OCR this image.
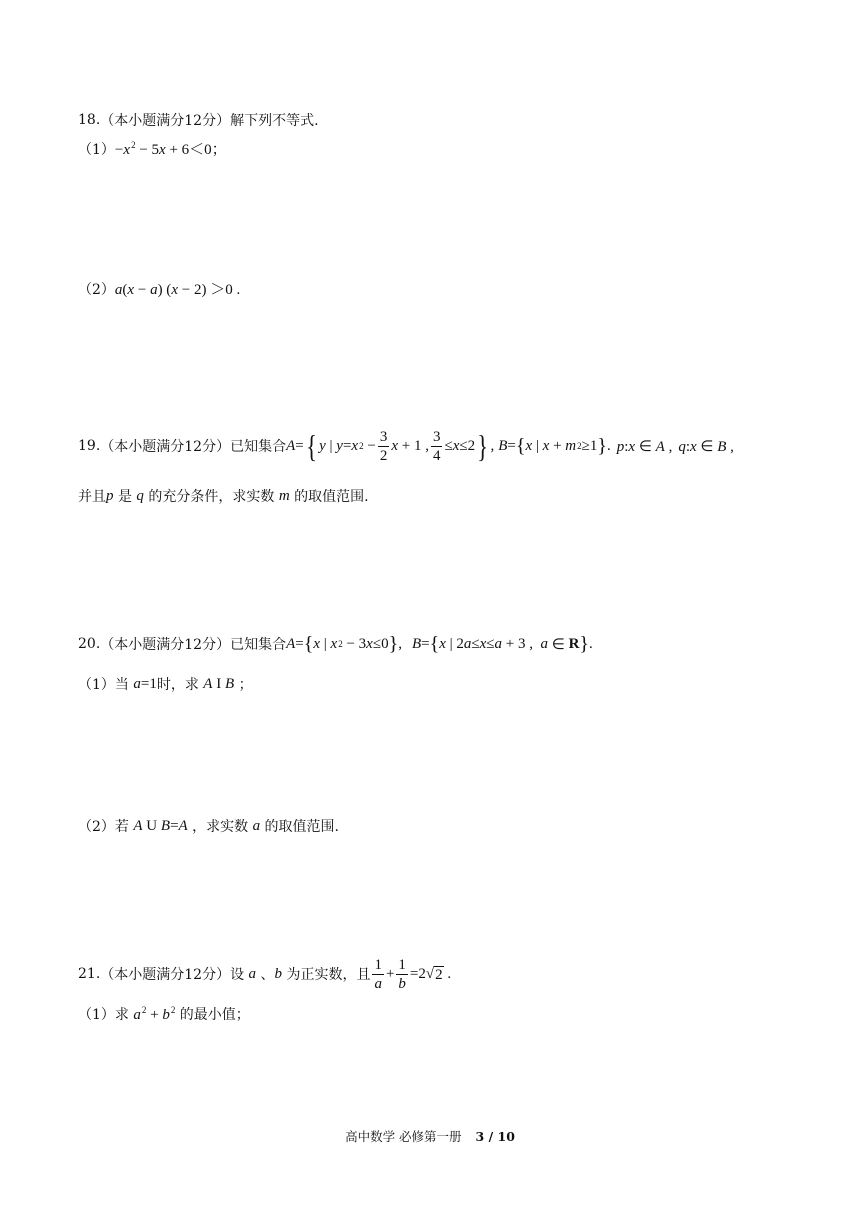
18. （本小题满分12分） 解下列不等式.
$(1) -x^2 - 5x + 6<0$；
（2） a(x − a) (x − 2) ＞0 .
19. （本小题满分12分） 已知集合 A = { y | y = x $2 - \frac{3}{2}$ x + 1 , $\frac{3}{4} \le x \le 2$ } , B = { x | x + m 2 ≥1 } . p:x ∈ A , q:x ∈ B ,
并且 p 是 q 的充分条件，求实数 m 的取值范围.
20. （本小题满分12分） 已知集合 A = { x | x 2 − 3 x ≤0 } , B = { x | 2 a ≤ x ≤ a + 3 , a ∈ R } .
（1） 当 a =1 时，求 A I B ；
（2） 若 A U B = A ，求实数 a 的取值范围.
21. （本小题满分12分） 设 a 、 b 为正实数，且 $\frac{1}{a} + \frac{1}{b} =2$ √ 2 .
（1） 求 $a^2 + b^2$ 的最小值；
高中数学 必修第一册 3 / 10
